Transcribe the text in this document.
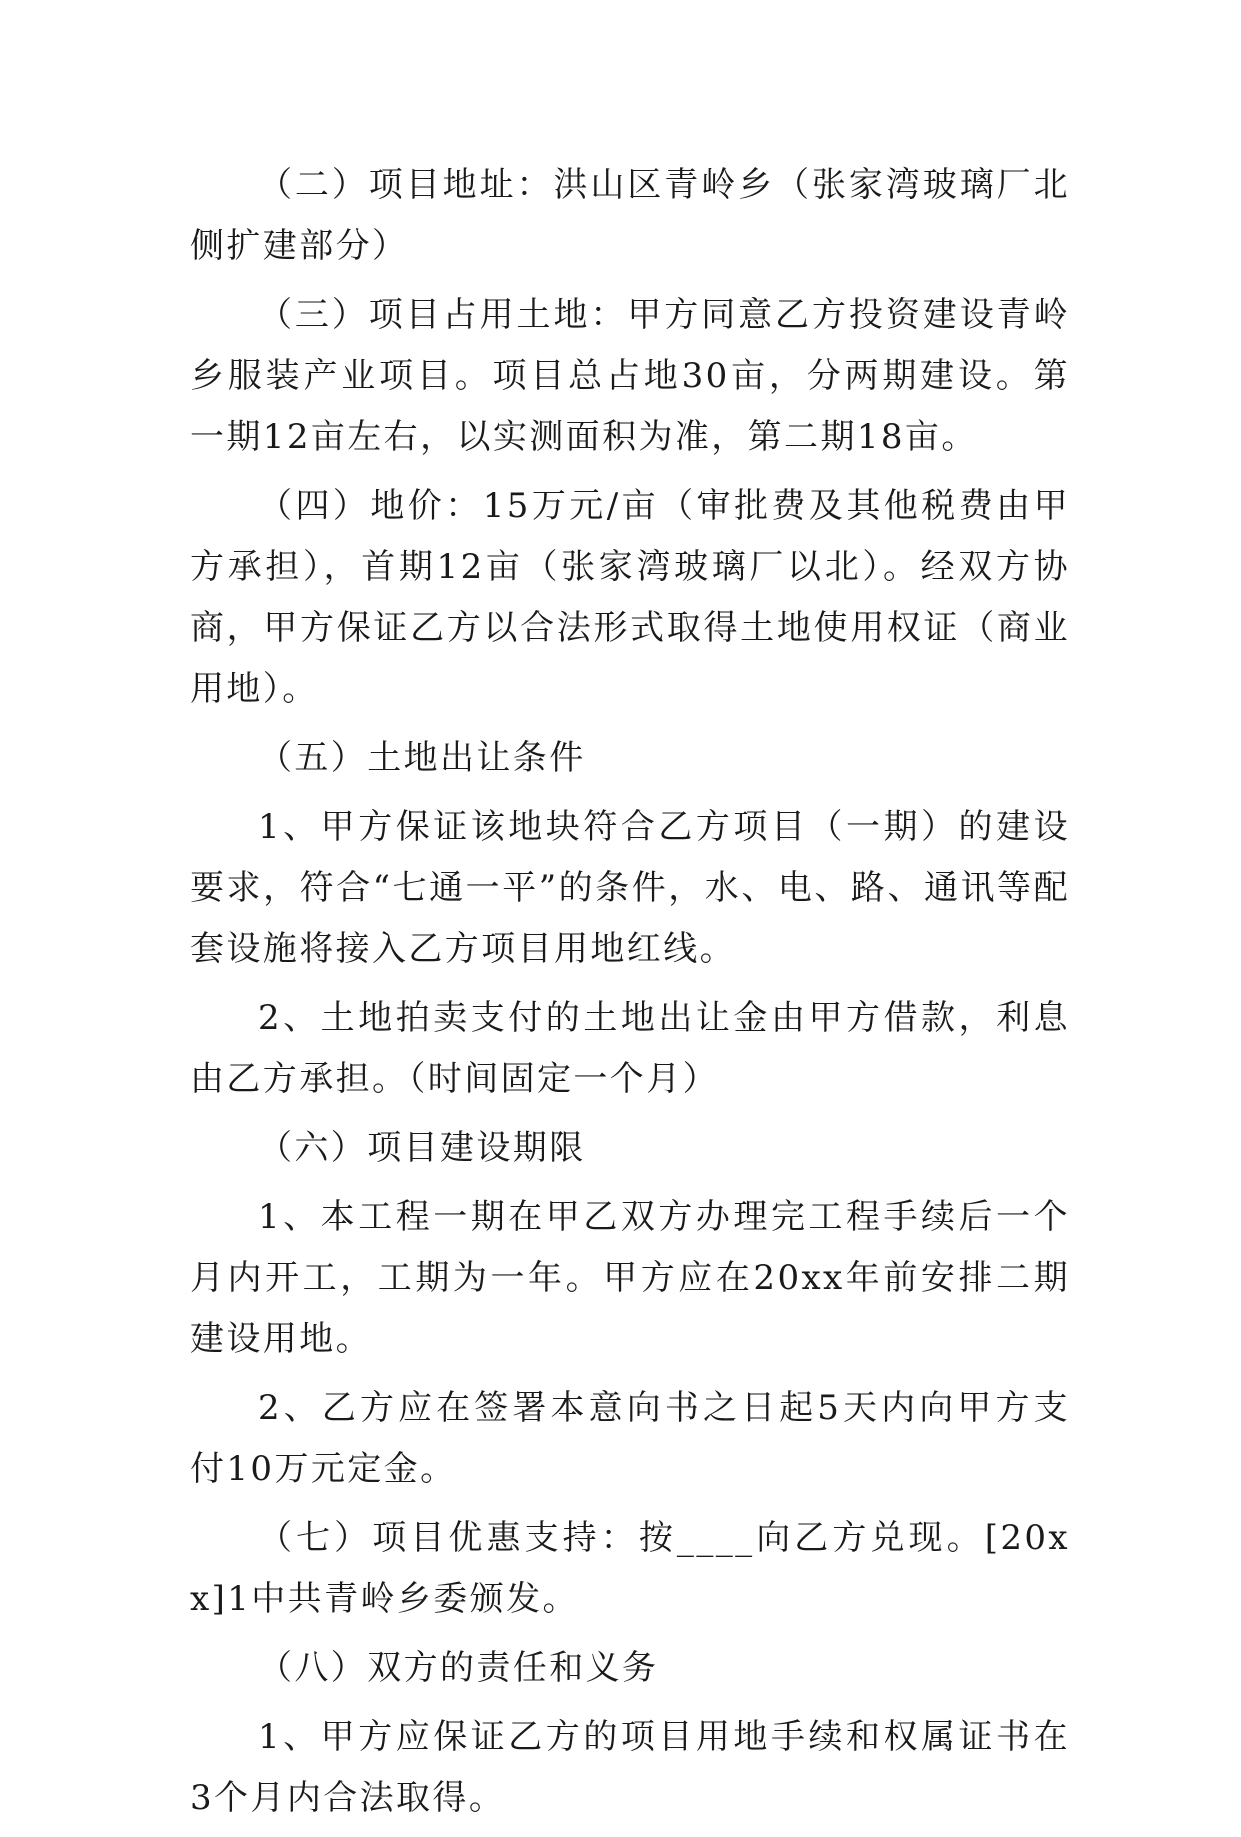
（二）项目地址：洪山区青岭乡（张家湾玻璃厂北侧扩建部分）

（三）项目占用土地：甲方同意乙方投资建设青岭乡服装产业项目。项目总占地30亩，分两期建设。第一期12亩左右，以实测面积为准，第二期18亩。

（四）地价：15万元/亩（审批费及其他税费由甲方承担），首期12亩（张家湾玻璃厂以北）。经双方协商，甲方保证乙方以合法形式取得土地使用权证（商业用地）。

（五）土地出让条件

1、甲方保证该地块符合乙方项目（一期）的建设要求，符合“七通一平”的条件，水、电、路、通讯等配套设施将接入乙方项目用地红线。

2、土地拍卖支付的土地出让金由甲方借款，利息由乙方承担。（时间固定一个月）

（六）项目建设期限

1、本工程一期在甲乙双方办理完工程手续后一个月内开工，工期为一年。甲方应在20xx年前安排二期建设用地。

2、乙方应在签署本意向书之日起5天内向甲方支付10万元定金。

（七）项目优惠支持：按____向乙方兑现。[20xx]1中共青岭乡委颁发。

（八）双方的责任和义务

1、甲方应保证乙方的项目用地手续和权属证书在3个月内合法取得。
